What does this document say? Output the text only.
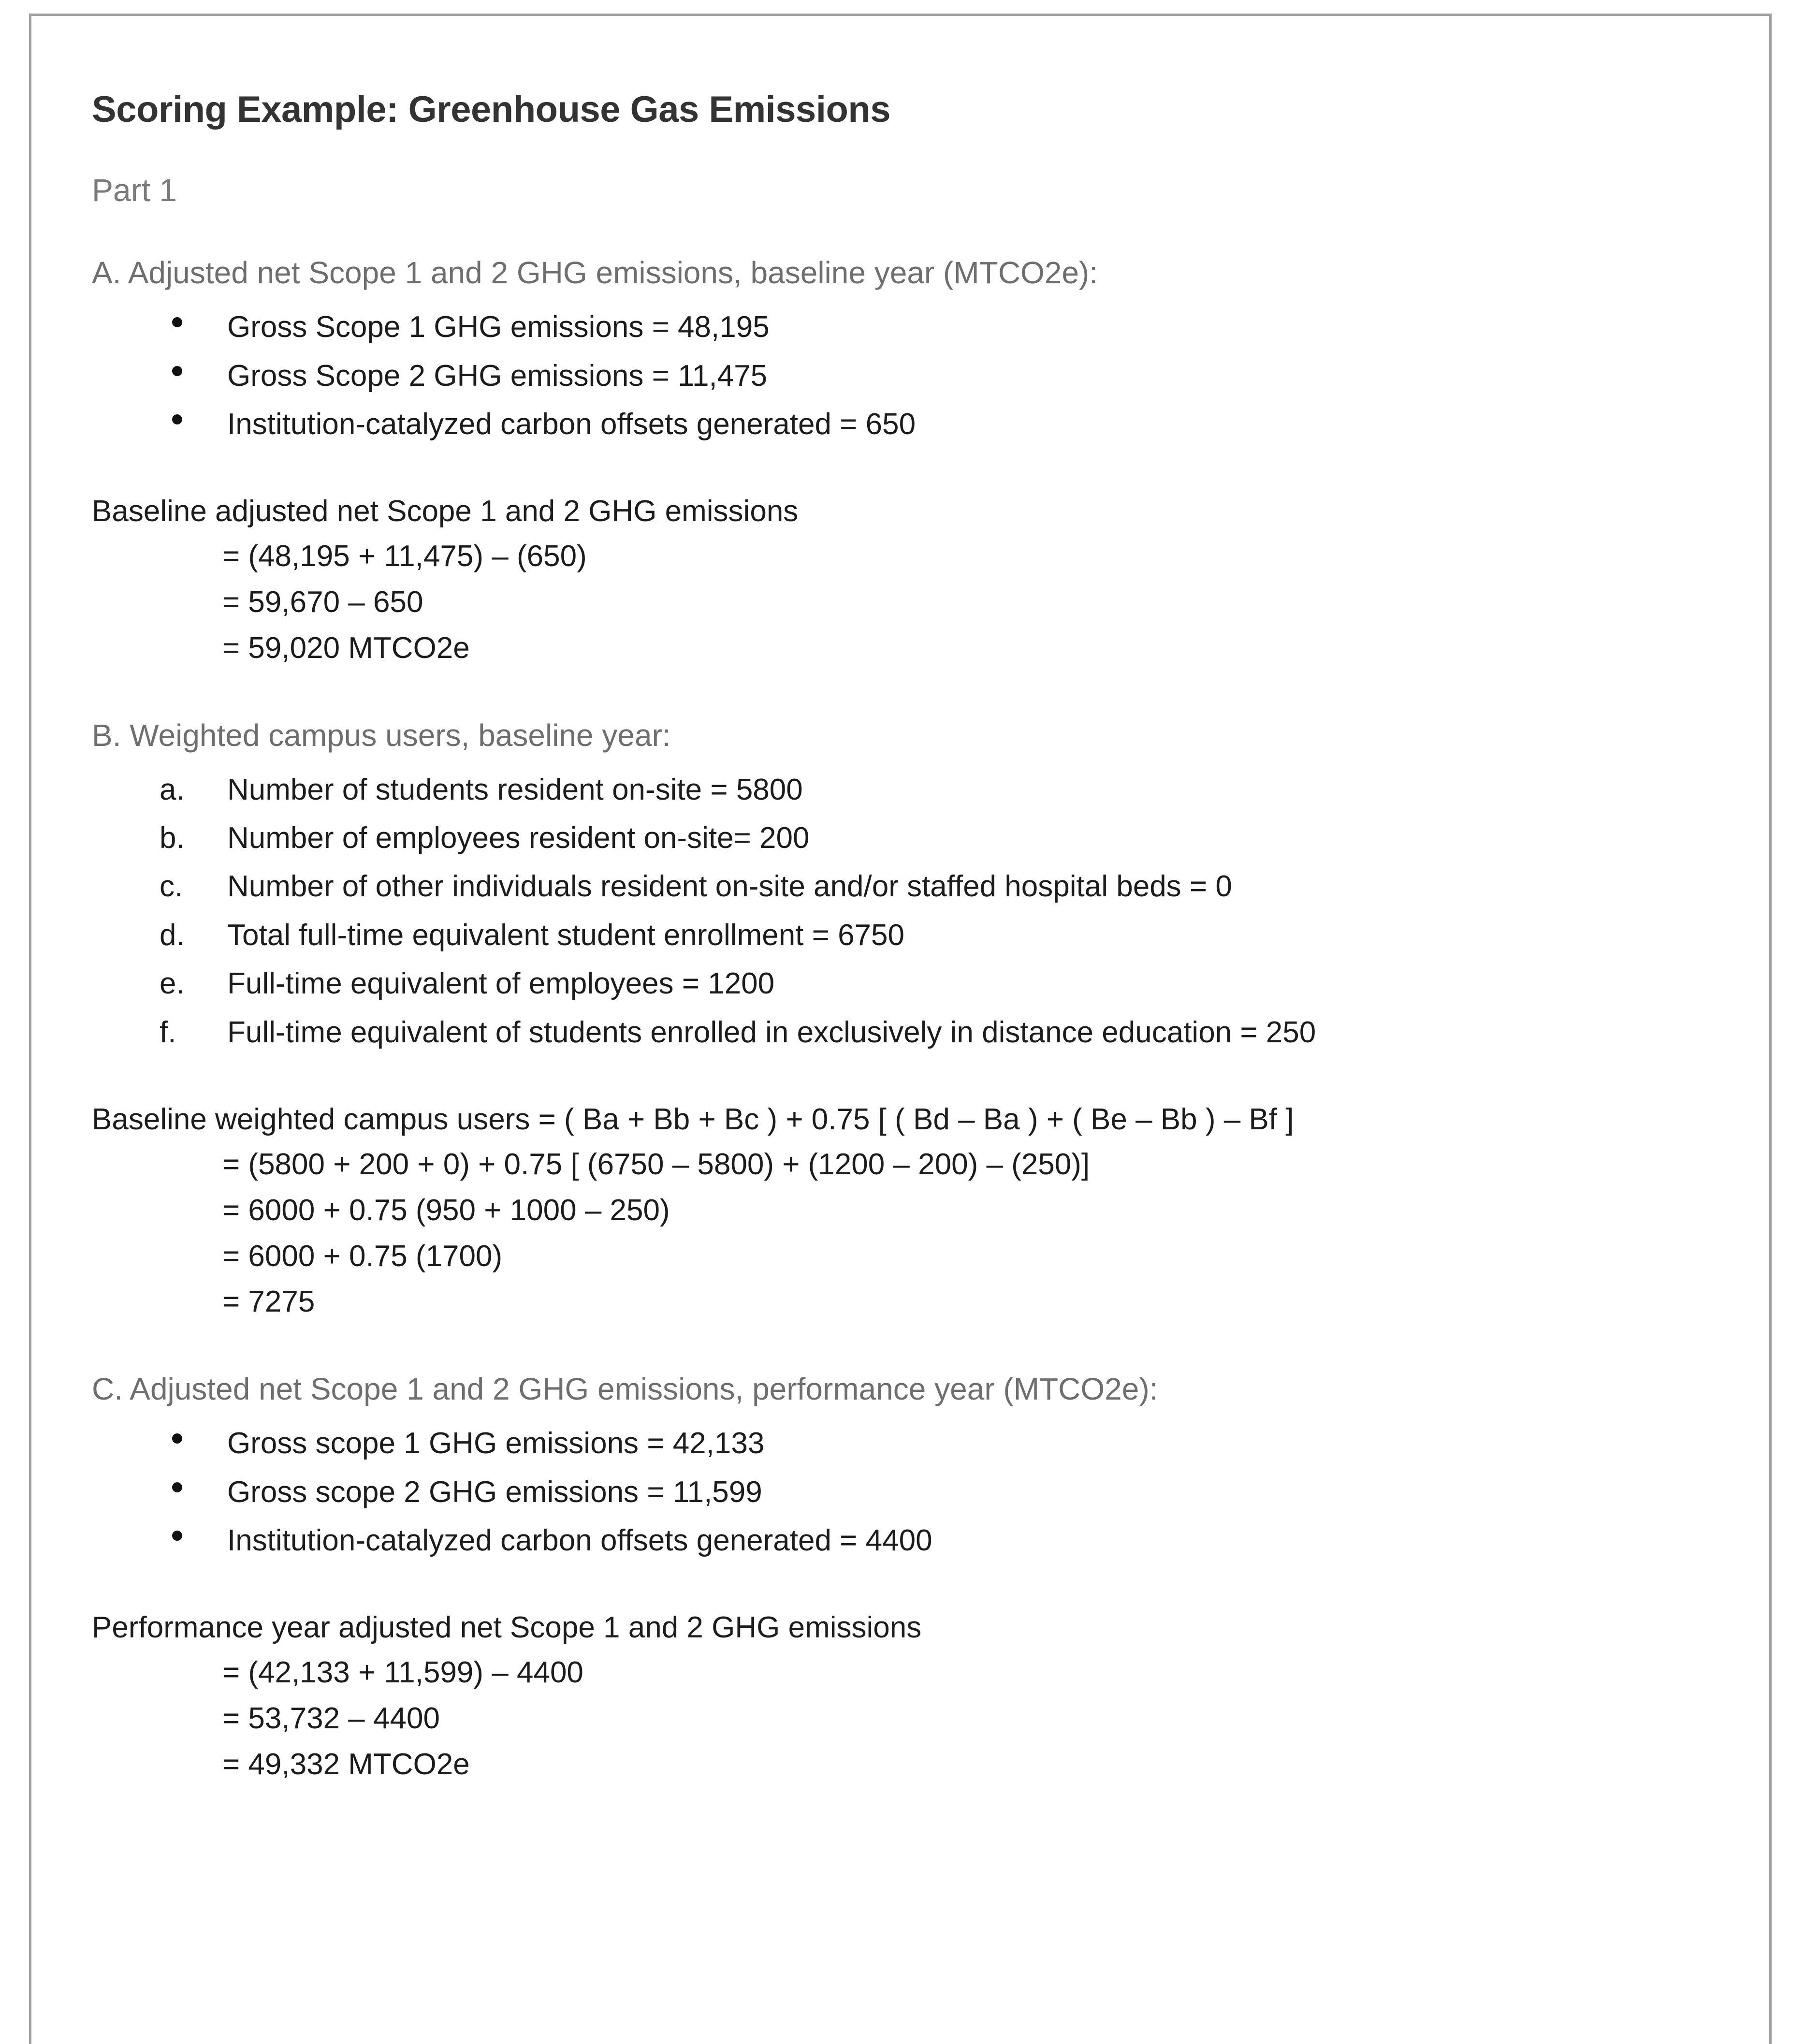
Scoring Example: Greenhouse Gas Emissions
Part 1
A. Adjusted net Scope 1 and 2 GHG emissions, baseline year (MTCO2e):
Gross Scope 1 GHG emissions = 48,195
Gross Scope 2 GHG emissions = 11,475
Institution-catalyzed carbon offsets generated = 650
Baseline adjusted net Scope 1 and 2 GHG emissions
= (48,195 + 11,475) – (650)
= 59,670 – 650
= 59,020 MTCO2e
B. Weighted campus users, baseline year:
a. Number of students resident on-site = 5800
b. Number of employees resident on-site= 200
c. Number of other individuals resident on-site and/or staffed hospital beds = 0
d. Total full-time equivalent student enrollment = 6750
e. Full-time equivalent of employees = 1200
f. Full-time equivalent of students enrolled in exclusively in distance education = 250
Baseline weighted campus users = ( Ba + Bb + Bc ) + 0.75 [ ( Bd – Ba ) + ( Be – Bb ) – Bf ]
= (5800 + 200 + 0) + 0.75 [ (6750 – 5800) + (1200 – 200) – (250)]
= 6000 + 0.75 (950 + 1000 – 250)
= 6000 + 0.75 (1700)
= 7275
C. Adjusted net Scope 1 and 2 GHG emissions, performance year (MTCO2e):
Gross scope 1 GHG emissions = 42,133
Gross scope 2 GHG emissions = 11,599
Institution-catalyzed carbon offsets generated = 4400
Performance year adjusted net Scope 1 and 2 GHG emissions
= (42,133 + 11,599) – 4400
= 53,732 – 4400
= 49,332 MTCO2e
